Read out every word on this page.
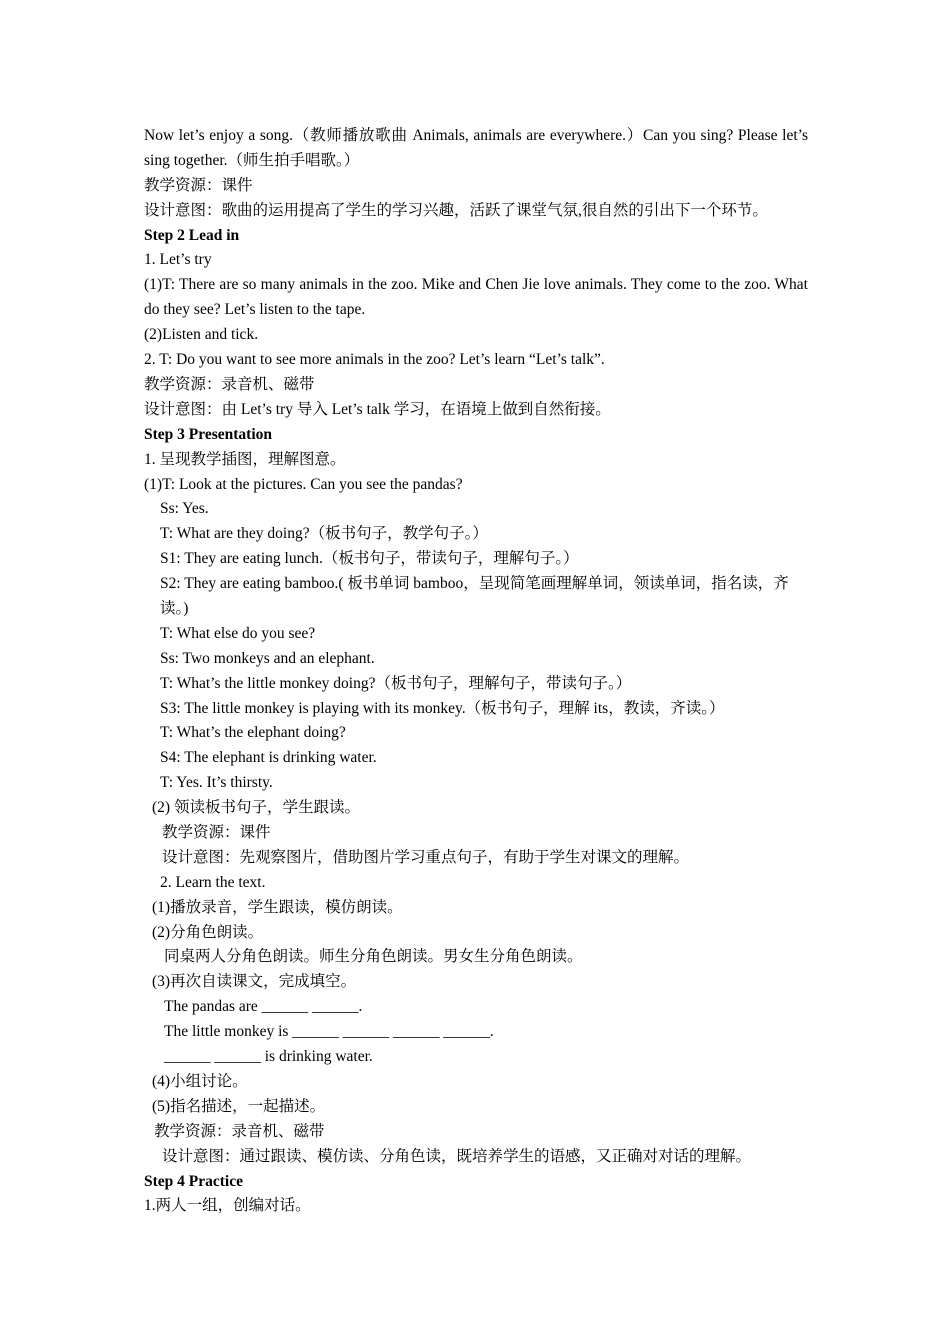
Now let’s enjoy a song.（教师播放歌曲 Animals, animals are everywhere.）Can you sing? Please let’s sing together.（师生拍手唱歌。）
教学资源：课件
设计意图：歌曲的运用提高了学生的学习兴趣，活跃了课堂气氛,很自然的引出下一个环节。
Step 2 Lead in
1. Let’s try
(1)T: There are so many animals in the zoo. Mike and Chen Jie love animals. They come to the zoo. What do they see? Let’s listen to the tape.
(2)Listen and tick.
2. T: Do you want to see more animals in the zoo? Let’s learn “Let’s talk”.
教学资源：录音机、磁带
设计意图：由 Let’s try 导入 Let’s talk 学习，在语境上做到自然衔接。
Step 3 Presentation
1. 呈现教学插图，理解图意。
(1)T: Look at the pictures. Can you see the pandas?
Ss: Yes.
T: What are they doing?（板书句子，教学句子。）
S1: They are eating lunch.（板书句子，带读句子，理解句子。）
S2: They are eating bamboo.( 板书单词 bamboo，呈现简笔画理解单词，领读单词，指名读，齐读。)
T: What else do you see?
Ss: Two monkeys and an elephant.
T: What’s the little monkey doing?（板书句子，理解句子，带读句子。）
S3: The little monkey is playing with its monkey.（板书句子，理解 its，教读，齐读。）
T: What’s the elephant doing?
S4: The elephant is drinking water.
T: Yes. It’s thirsty.
(2) 领读板书句子，学生跟读。
教学资源：课件
设计意图：先观察图片，借助图片学习重点句子，有助于学生对课文的理解。
2. Learn the text.
(1)播放录音，学生跟读，模仿朗读。
(2)分角色朗读。
同桌两人分角色朗读。师生分角色朗读。男女生分角色朗读。
(3)再次自读课文，完成填空。
The pandas are ______ ______.
The little monkey is ______ ______ ______ ______.
______ ______ is drinking water.
(4)小组讨论。
(5)指名描述，一起描述。
教学资源：录音机、磁带
设计意图：通过跟读、模仿读、分角色读，既培养学生的语感，又正确对对话的理解。
Step 4 Practice
1.两人一组，创编对话。
